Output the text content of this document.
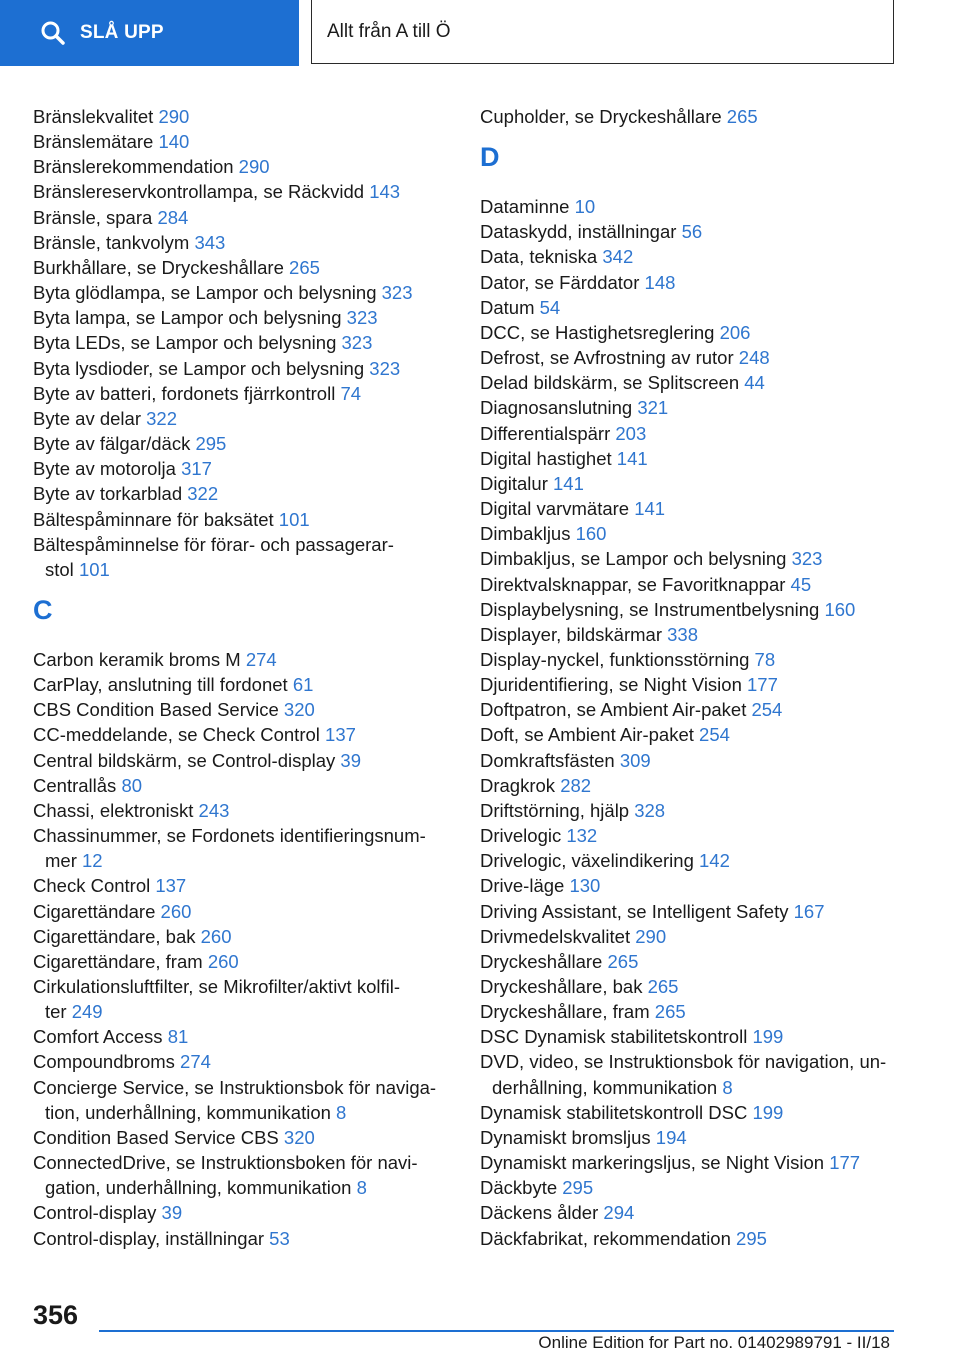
SLÅ UPP	Allt från A till Ö
Bränslekvalitet 290
Bränslemätare 140
Bränslerekommendation 290
Bränslereservkontrollampa, se Räckvidd 143
Bränsle, spara 284
Bränsle, tankvolym 343
Burkhållare, se Dryckeshållare 265
Byta glödlampa, se Lampor och belysning 323
Byta lampa, se Lampor och belysning 323
Byta LEDs, se Lampor och belysning 323
Byta lysdioder, se Lampor och belysning 323
Byte av batteri, fordonets fjärrkontroll 74
Byte av delar 322
Byte av fälgar/däck 295
Byte av motorolja 317
Byte av torkarblad 322
Bältespåminnare för baksätet 101
Bältespåminnelse för förar- och passagerar-
stol 101
C
Carbon keramik broms M 274
CarPlay, anslutning till fordonet 61
CBS Condition Based Service 320
CC-meddelande, se Check Control 137
Central bildskärm, se Control-display 39
Centrallås 80
Chassi, elektroniskt 243
Chassinummer, se Fordonets identifieringsnum-
mer 12
Check Control 137
Cigarettändare 260
Cigarettändare, bak 260
Cigarettändare, fram 260
Cirkulationsluftfilter, se Mikrofilter/aktivt kolfil-
ter 249
Comfort Access 81
Compoundbroms 274
Concierge Service, se Instruktionsbok för naviga-
tion, underhållning, kommunikation 8
Condition Based Service CBS 320
ConnectedDrive, se Instruktionsboken för navi-
gation, underhållning, kommunikation 8
Control-display 39
Control-display, inställningar 53
Cupholder, se Dryckeshållare 265
D
Dataminne 10
Dataskydd, inställningar 56
Data, tekniska 342
Dator, se Färddator 148
Datum 54
DCC, se Hastighetsreglering 206
Defrost, se Avfrostning av rutor 248
Delad bildskärm, se Splitscreen 44
Diagnosanslutning 321
Differentialspärr 203
Digital hastighet 141
Digitalur 141
Digital varvmätare 141
Dimbakljus 160
Dimbakljus, se Lampor och belysning 323
Direktvalsknappar, se Favoritknappar 45
Displaybelysning, se Instrumentbelysning 160
Displayer, bildskärmar 338
Display-nyckel, funktionsstörning 78
Djuridentifiering, se Night Vision 177
Doftpatron, se Ambient Air-paket 254
Doft, se Ambient Air-paket 254
Domkraftsfästen 309
Dragkrok 282
Driftstörning, hjälp 328
Drivelogic 132
Drivelogic, växelindikering 142
Drive-läge 130
Driving Assistant, se Intelligent Safety 167
Drivmedelskvalitet 290
Dryckeshållare 265
Dryckeshållare, bak 265
Dryckeshållare, fram 265
DSC Dynamisk stabilitetskontroll 199
DVD, video, se Instruktionsbok för navigation, un-
derhållning, kommunikation 8
Dynamisk stabilitetskontroll DSC 199
Dynamiskt bromsljus 194
Dynamiskt markeringsljus, se Night Vision 177
Däckbyte 295
Däckens ålder 294
Däckfabrikat, rekommendation 295
356
Online Edition for Part no. 01402989791 - II/18
